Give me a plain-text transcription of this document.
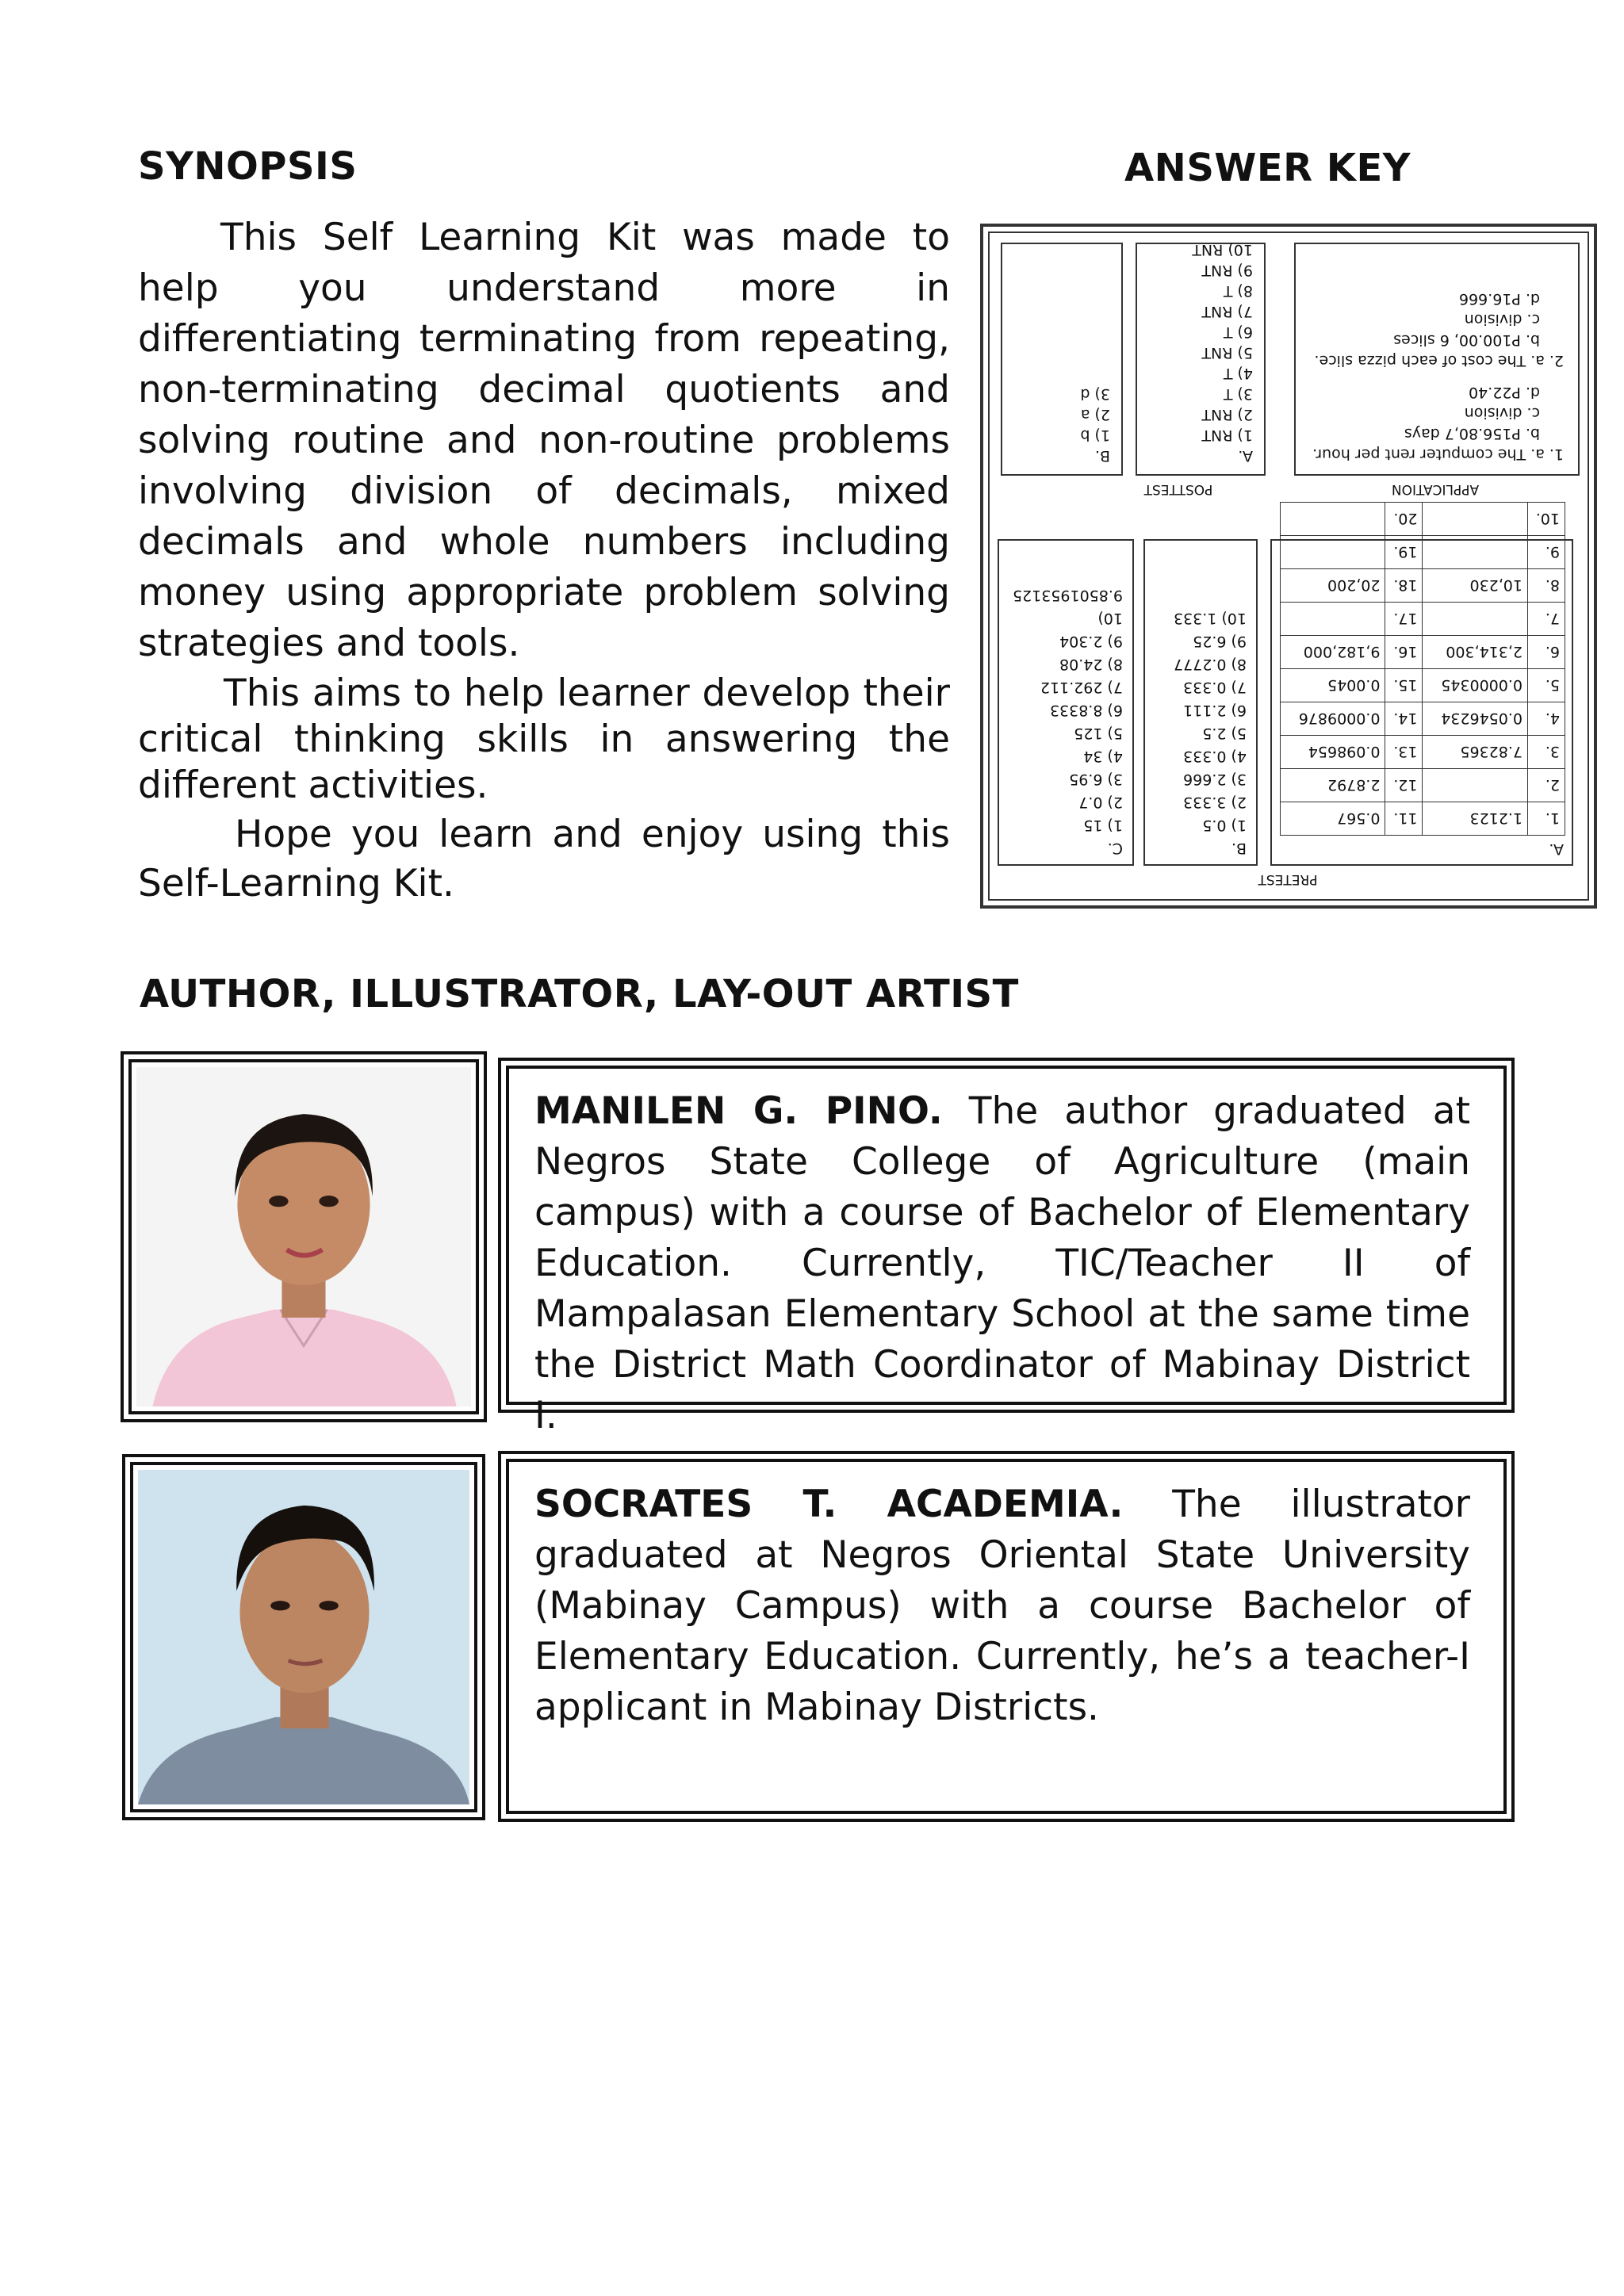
SYNOPSIS

This Self Learning Kit was made to help you understand more in differentiating terminating from repeating, non-terminating decimal quotients and solving routine and non-routine problems involving division of decimals, mixed decimals and whole numbers including money using appropriate problem solving strategies and tools.

This aims to help learner develop their critical thinking skills in answering the different activities.

Hope you learn and enjoy using this Self-Learning Kit.

ANSWER KEY
1. a. The computer rent per hour.
b. P156.80,7 days
c. division
d. P22.40
2. a. The cost of each pizza slice.
b. P100.00, 6 slices
c. division
d. P16.666
APPLICATION
A.
1) RNT
2) RNT
3) T
4) T
5) RNT
6) T
7) RNT
8) T
9) RNT
10) RNT
B.
1) b
2) a
3) d
POSTTEST
PRETEST
A.
1.	1.2123	11.	0.567
2.		12.	2.8792
3.	7.82365	13.	0.098654
4.	0.0546234	14.	0.0009876
5.	0.0000345	15.	0.0045
6.	2,314,300	16.	9,182,000
7.		17.	
8.	10,230	18.	20,200
9.		19.	
10.		20.	
B.
1) 0.5
2) 3.333
3) 2.666
4) 0.333
5) 2.5
6) 2.111
7) 0.333
8) 0.2777
9) 6.25
10) 1.333
C.
1) 15
2) 0.7
3) 6.95
4) 34
5) 125
6) 8.8333
7) 292.112
8) 24.08
9) 2.304
10) 9.8501953125
AUTHOR, ILLUSTRATOR, LAY-OUT ARTIST
MANILEN G. PINO. The author graduated at Negros State College of Agriculture (main campus) with a course of Bachelor of Elementary Education. Currently, TIC/Teacher II of Mampalasan Elementary School at the same time the District Math Coordinator of Mabinay District I.
SOCRATES T. ACADEMIA. The illustrator graduated at Negros Oriental State University (Mabinay Campus) with a course Bachelor of Elementary Education. Currently, he’s a teacher-I applicant in Mabinay Districts.
